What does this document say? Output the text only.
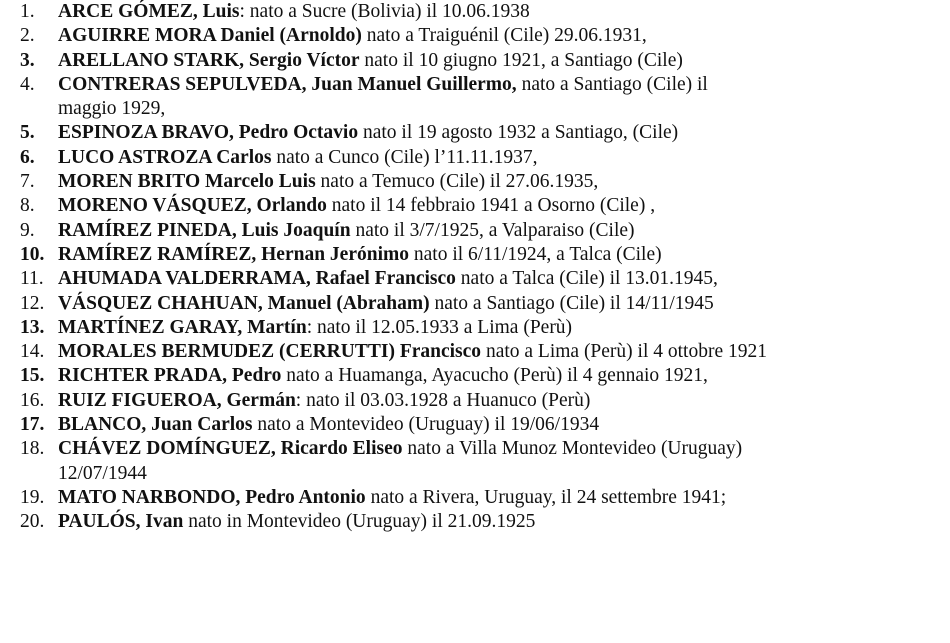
1.	ARCE GÓMEZ, Luis: nato a Sucre (Bolivia) il 10.06.1938
2.	AGUIRRE MORA Daniel (Arnoldo) nato a Traiguénil (Cile) 29.06.1931,
3.	ARELLANO STARK, Sergio Víctor nato il 10 giugno 1921, a Santiago (Cile)
4.	CONTRERAS SEPULVEDA, Juan Manuel Guillermo, nato a Santiago (Cile) il
maggio 1929,
5.	ESPINOZA BRAVO, Pedro Octavio nato il 19 agosto 1932 a Santiago, (Cile)
6.	LUCO ASTROZA Carlos nato a Cunco (Cile) l’11.11.1937,
7.	MOREN BRITO Marcelo Luis nato a Temuco (Cile) il 27.06.1935,
8.	MORENO VÁSQUEZ, Orlando nato il 14 febbraio 1941 a Osorno (Cile) ,
9.	RAMÍREZ PINEDA, Luis Joaquín nato il 3/7/1925, a Valparaiso (Cile)
10. RAMÍREZ RAMÍREZ, Hernan Jerónimo nato il 6/11/1924, a Talca (Cile)
11. AHUMADA VALDERRAMA, Rafael Francisco nato a Talca (Cile) il 13.01.1945,
12. VÁSQUEZ CHAHUAN, Manuel (Abraham) nato a Santiago (Cile) il 14/11/1945
13. MARTÍNEZ GARAY, Martín: nato il 12.05.1933 a Lima (Perù)
14. MORALES BERMUDEZ (CERRUTTI) Francisco nato a Lima (Perù) il 4 ottobre 1921
15. RICHTER PRADA, Pedro nato a Huamanga, Ayacucho (Perù) il 4 gennaio 1921,
16. RUIZ FIGUEROA, Germán: nato il 03.03.1928 a Huanuco (Perù)
17. BLANCO, Juan Carlos nato a Montevideo (Uruguay) il 19/06/1934
18. CHÁVEZ DOMÍNGUEZ, Ricardo Eliseo nato a Villa Munoz Montevideo (Uruguay)
12/07/1944
19. MATO NARBONDO, Pedro Antonio nato a Rivera, Uruguay, il 24 settembre 1941;
20. PAULÓS, Ivan nato in Montevideo (Uruguay) il 21.09.1925
